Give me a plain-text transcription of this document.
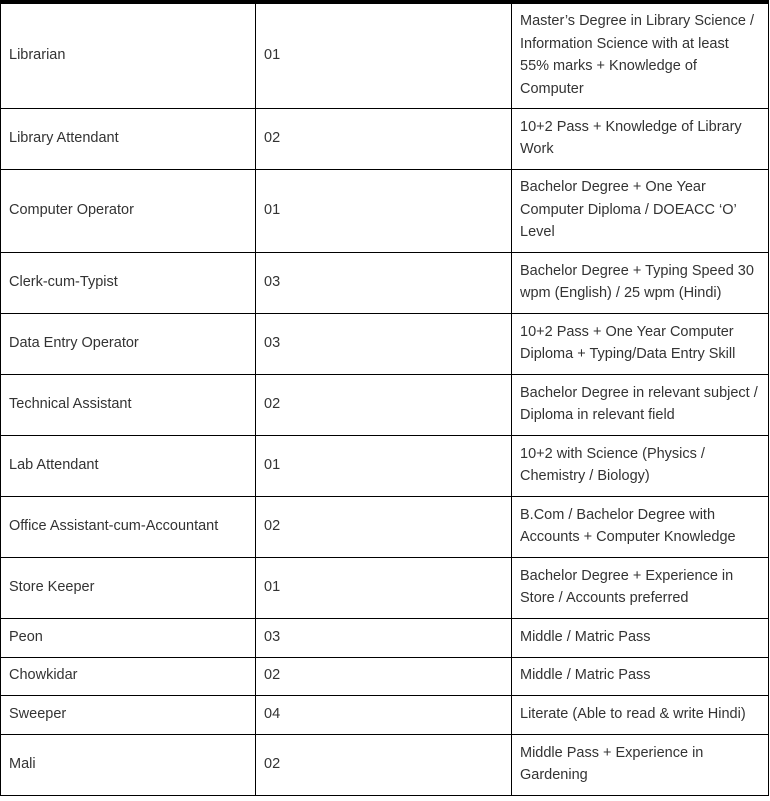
Librarian	01	Master’s Degree in Library Science / Information Science with at least 55% marks + Knowledge of Computer
Library Attendant	02	10+2 Pass + Knowledge of Library Work
Computer Operator	01	Bachelor Degree + One Year Computer Diploma / DOEACC ‘O’ Level
Clerk-cum-Typist	03	Bachelor Degree + Typing Speed 30 wpm (English) / 25 wpm (Hindi)
Data Entry Operator	03	10+2 Pass + One Year Computer Diploma + Typing/Data Entry Skill
Technical Assistant	02	Bachelor Degree in relevant subject / Diploma in relevant field
Lab Attendant	01	10+2 with Science (Physics / Chemistry / Biology)
Office Assistant-cum-Accountant	02	B.Com / Bachelor Degree with Accounts + Computer Knowledge
Store Keeper	01	Bachelor Degree + Experience in Store / Accounts preferred
Peon	03	Middle / Matric Pass
Chowkidar	02	Middle / Matric Pass
Sweeper	04	Literate (Able to read & write Hindi)
Mali	02	Middle Pass + Experience in Gardening
